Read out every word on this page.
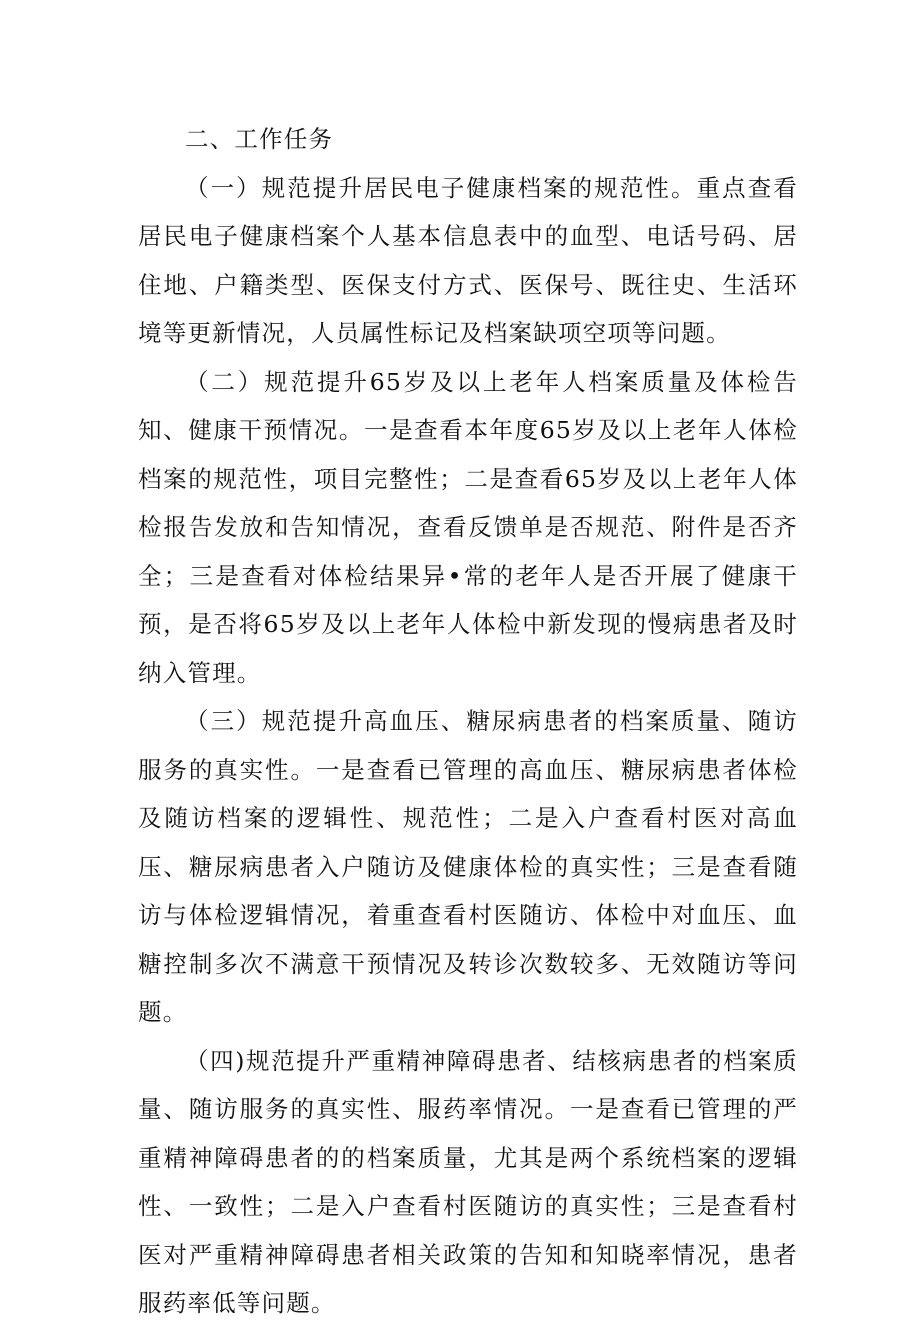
二、工作任务

（一）规范提升居民电子健康档案的规范性。重点查看居民电子健康档案个人基本信息表中的血型、电话号码、居住地、户籍类型、医保支付方式、医保号、既往史、生活环境等更新情况，人员属性标记及档案缺项空项等问题。

（二）规范提升65岁及以上老年人档案质量及体检告知、健康干预情况。一是查看本年度65岁及以上老年人体检档案的规范性，项目完整性；二是查看65岁及以上老年人体检报告发放和告知情况，查看反馈单是否规范、附件是否齐全；三是查看对体检结果异•常的老年人是否开展了健康干预，是否将65岁及以上老年人体检中新发现的慢病患者及时纳入管理。

（三）规范提升高血压、糖尿病患者的档案质量、随访服务的真实性。一是查看已管理的高血压、糖尿病患者体检及随访档案的逻辑性、规范性；二是入户查看村医对高血压、糖尿病患者入户随访及健康体检的真实性；三是查看随访与体检逻辑情况，着重查看村医随访、体检中对血压、血糖控制多次不满意干预情况及转诊次数较多、无效随访等问题。

（四)规范提升严重精神障碍患者、结核病患者的档案质量、随访服务的真实性、服药率情况。一是查看已管理的严重精神障碍患者的的档案质量，尤其是两个系统档案的逻辑性、一致性；二是入户查看村医随访的真实性；三是查看村医对严重精神障碍患者相关政策的告知和知晓率情况，患者服药率低等问题。
